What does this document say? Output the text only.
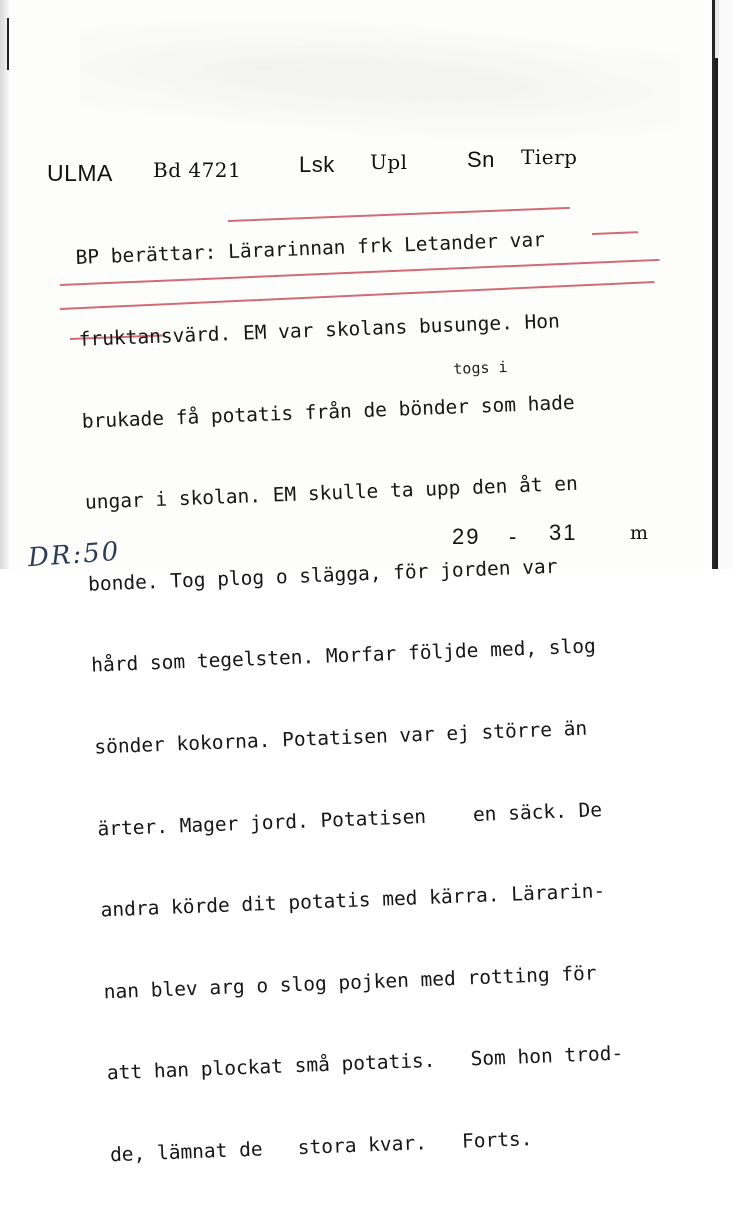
ULMA Bd 4721	Lsk Upl	Sn Tierp

BP berättar: Lärarinnan frk Letander var

fruktansvärd. EM var skolans busunge. Hon

brukade få potatis från de bönder som hade

ungar i skolan. EM skulle ta upp den åt en

bonde. Tog plog o slägga, för jorden var

hård som tegelsten. Morfar följde med, slog

sönder kokorna. Potatisen var ej större än

ärter. Mager jord. Potatisen    en säck. De

andra körde dit potatis med kärra. Lärarin-

nan blev arg o slog pojken med rotting för

att han plockat små potatis.   Som hon trod-

de, lämnat de   stora kvar.   Forts.

togs i
29 - 31	m
DR:50
